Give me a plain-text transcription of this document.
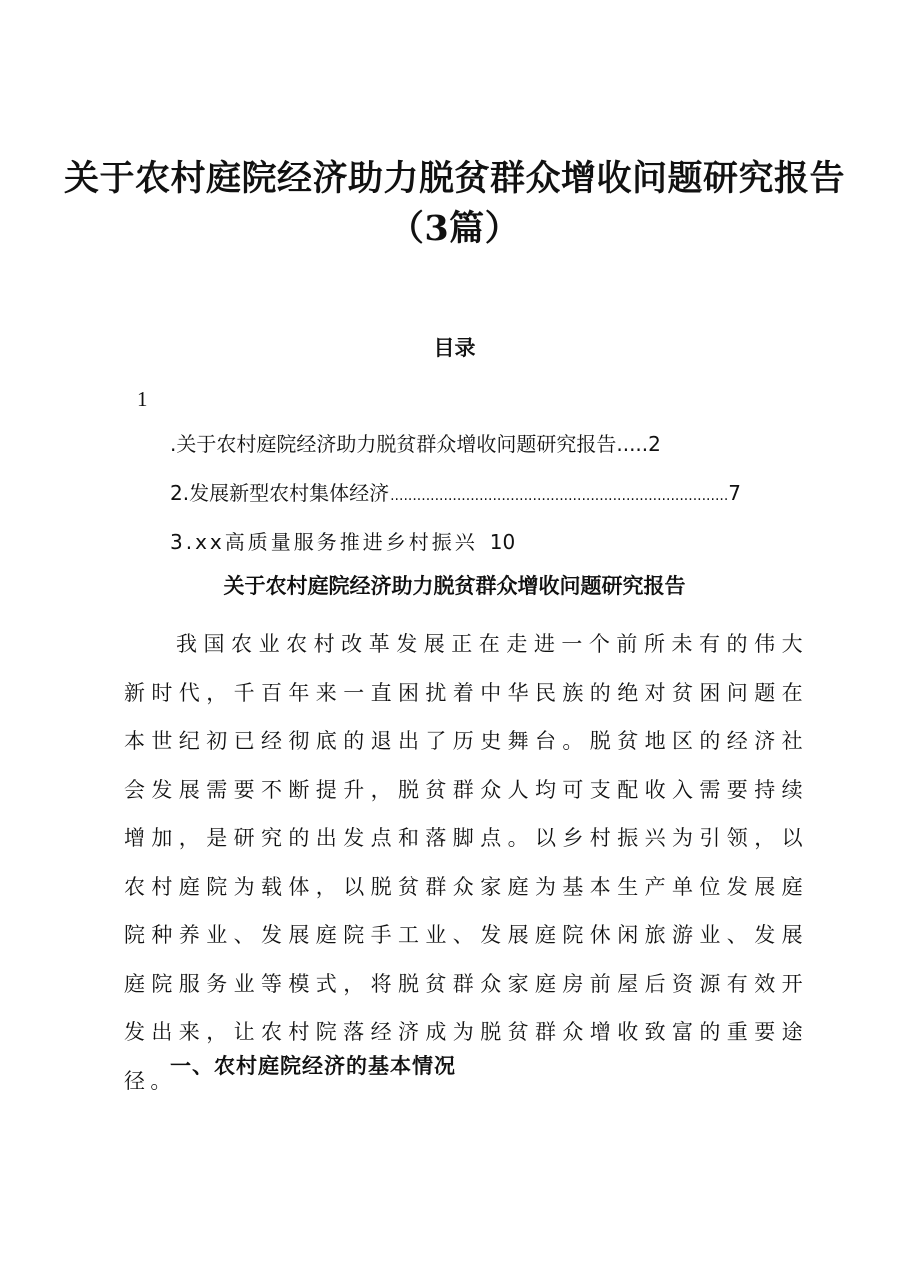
关于农村庭院经济助力脱贫群众增收问题研究报告（3篇）
目录
1
.关于农村庭院经济助力脱贫群众增收问题研究报告 ..... 2
2.发展新型农村集体经济
.....	7
3.xx高质量服务推进乡村振兴 10
关于农村庭院经济助力脱贫群众增收问题研究报告

我国农业农村改革发展正在走进一个前所未有的伟大新时代，千百年来一直困扰着中华民族的绝对贫困问题在本世纪初已经彻底的退出了历史舞台。脱贫地区的经济社会发展需要不断提升，脱贫群众人均可支配收入需要持续增加，是研究的出发点和落脚点。以乡村振兴为引领，以农村庭院为载体，以脱贫群众家庭为基本生产单位发展庭院种养业、发展庭院手工业、发展庭院休闲旅游业、发展庭院服务业等模式，将脱贫群众家庭房前屋后资源有效开发出来，让农村院落经济成为脱贫群众增收致富的重要途径。

一、农村庭院经济的基本情况
